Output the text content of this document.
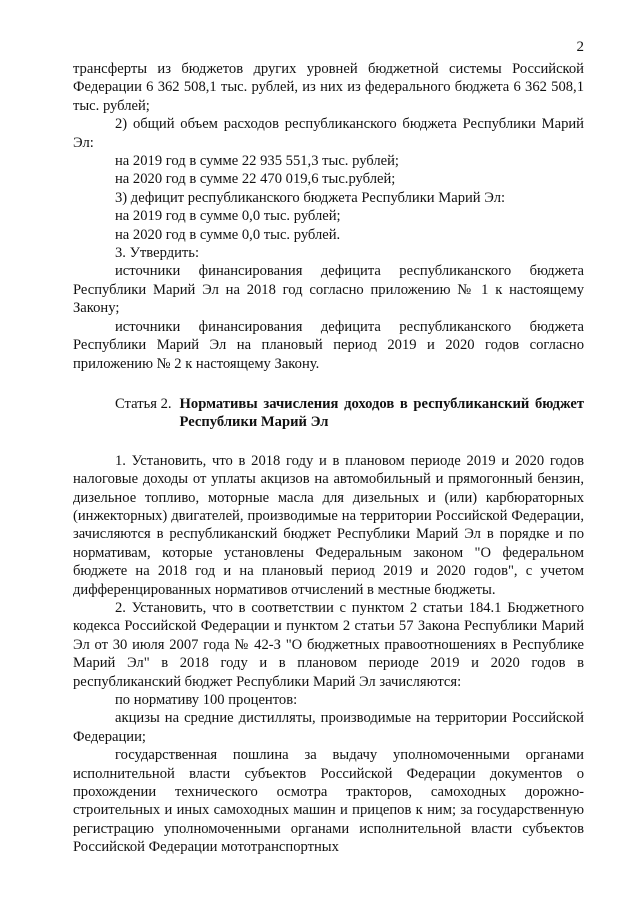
2

трансферты из бюджетов других уровней бюджетной системы Российской Федерации 6 362 508,1 тыс. рублей, из них из федерального бюджета 6 362 508,1 тыс. рублей;

2) общий объем расходов республиканского бюджета Республики Марий Эл:

на 2019 год в сумме 22 935 551,3 тыс. рублей;

на 2020 год в сумме 22 470 019,6 тыс.рублей;

3) дефицит республиканского бюджета Республики Марий Эл:

на 2019 год в сумме 0,0 тыс. рублей;

на 2020 год в сумме 0,0 тыс. рублей.

3. Утвердить:

источники финансирования дефицита республиканского бюджета Республики Марий Эл на 2018 год согласно приложению № 1 к настоящему Закону;

источники финансирования дефицита республиканского бюджета Республики Марий Эл на плановый период 2019 и 2020 годов согласно приложению № 2 к настоящему Закону.

Статья 2. Нормативы зачисления доходов в республиканский бюджет Республики Марий Эл

1. Установить, что в 2018 году и в плановом периоде 2019 и 2020 годов налоговые доходы от уплаты акцизов на автомобильный и прямогонный бензин, дизельное топливо, моторные масла для дизельных и (или) карбюраторных (инжекторных) двигателей, производимые на территории Российской Федерации, зачисляются в республиканский бюджет Республики Марий Эл в порядке и по нормативам, которые установлены Федеральным законом "О федеральном бюджете на 2018 год и на плановый период 2019 и 2020 годов", с учетом дифференцированных нормативов отчислений в местные бюджеты.

2. Установить, что в соответствии с пунктом 2 статьи 184.1 Бюджетного кодекса Российской Федерации и пунктом 2 статьи 57 Закона Республики Марий Эл от 30 июля 2007 года № 42-З "О бюджетных правоотношениях в Республике Марий Эл" в 2018 году и в плановом периоде 2019 и 2020 годов в республиканский бюджет Республики Марий Эл зачисляются:

по нормативу 100 процентов:

акцизы на средние дистилляты, производимые на территории Российской Федерации;

государственная пошлина за выдачу уполномоченными органами исполнительной власти субъектов Российской Федерации документов о прохождении технического осмотра тракторов, самоходных дорожно-строительных и иных самоходных машин и прицепов к ним; за государственную регистрацию уполномоченными органами исполнительной власти субъектов Российской Федерации мототранспортных
